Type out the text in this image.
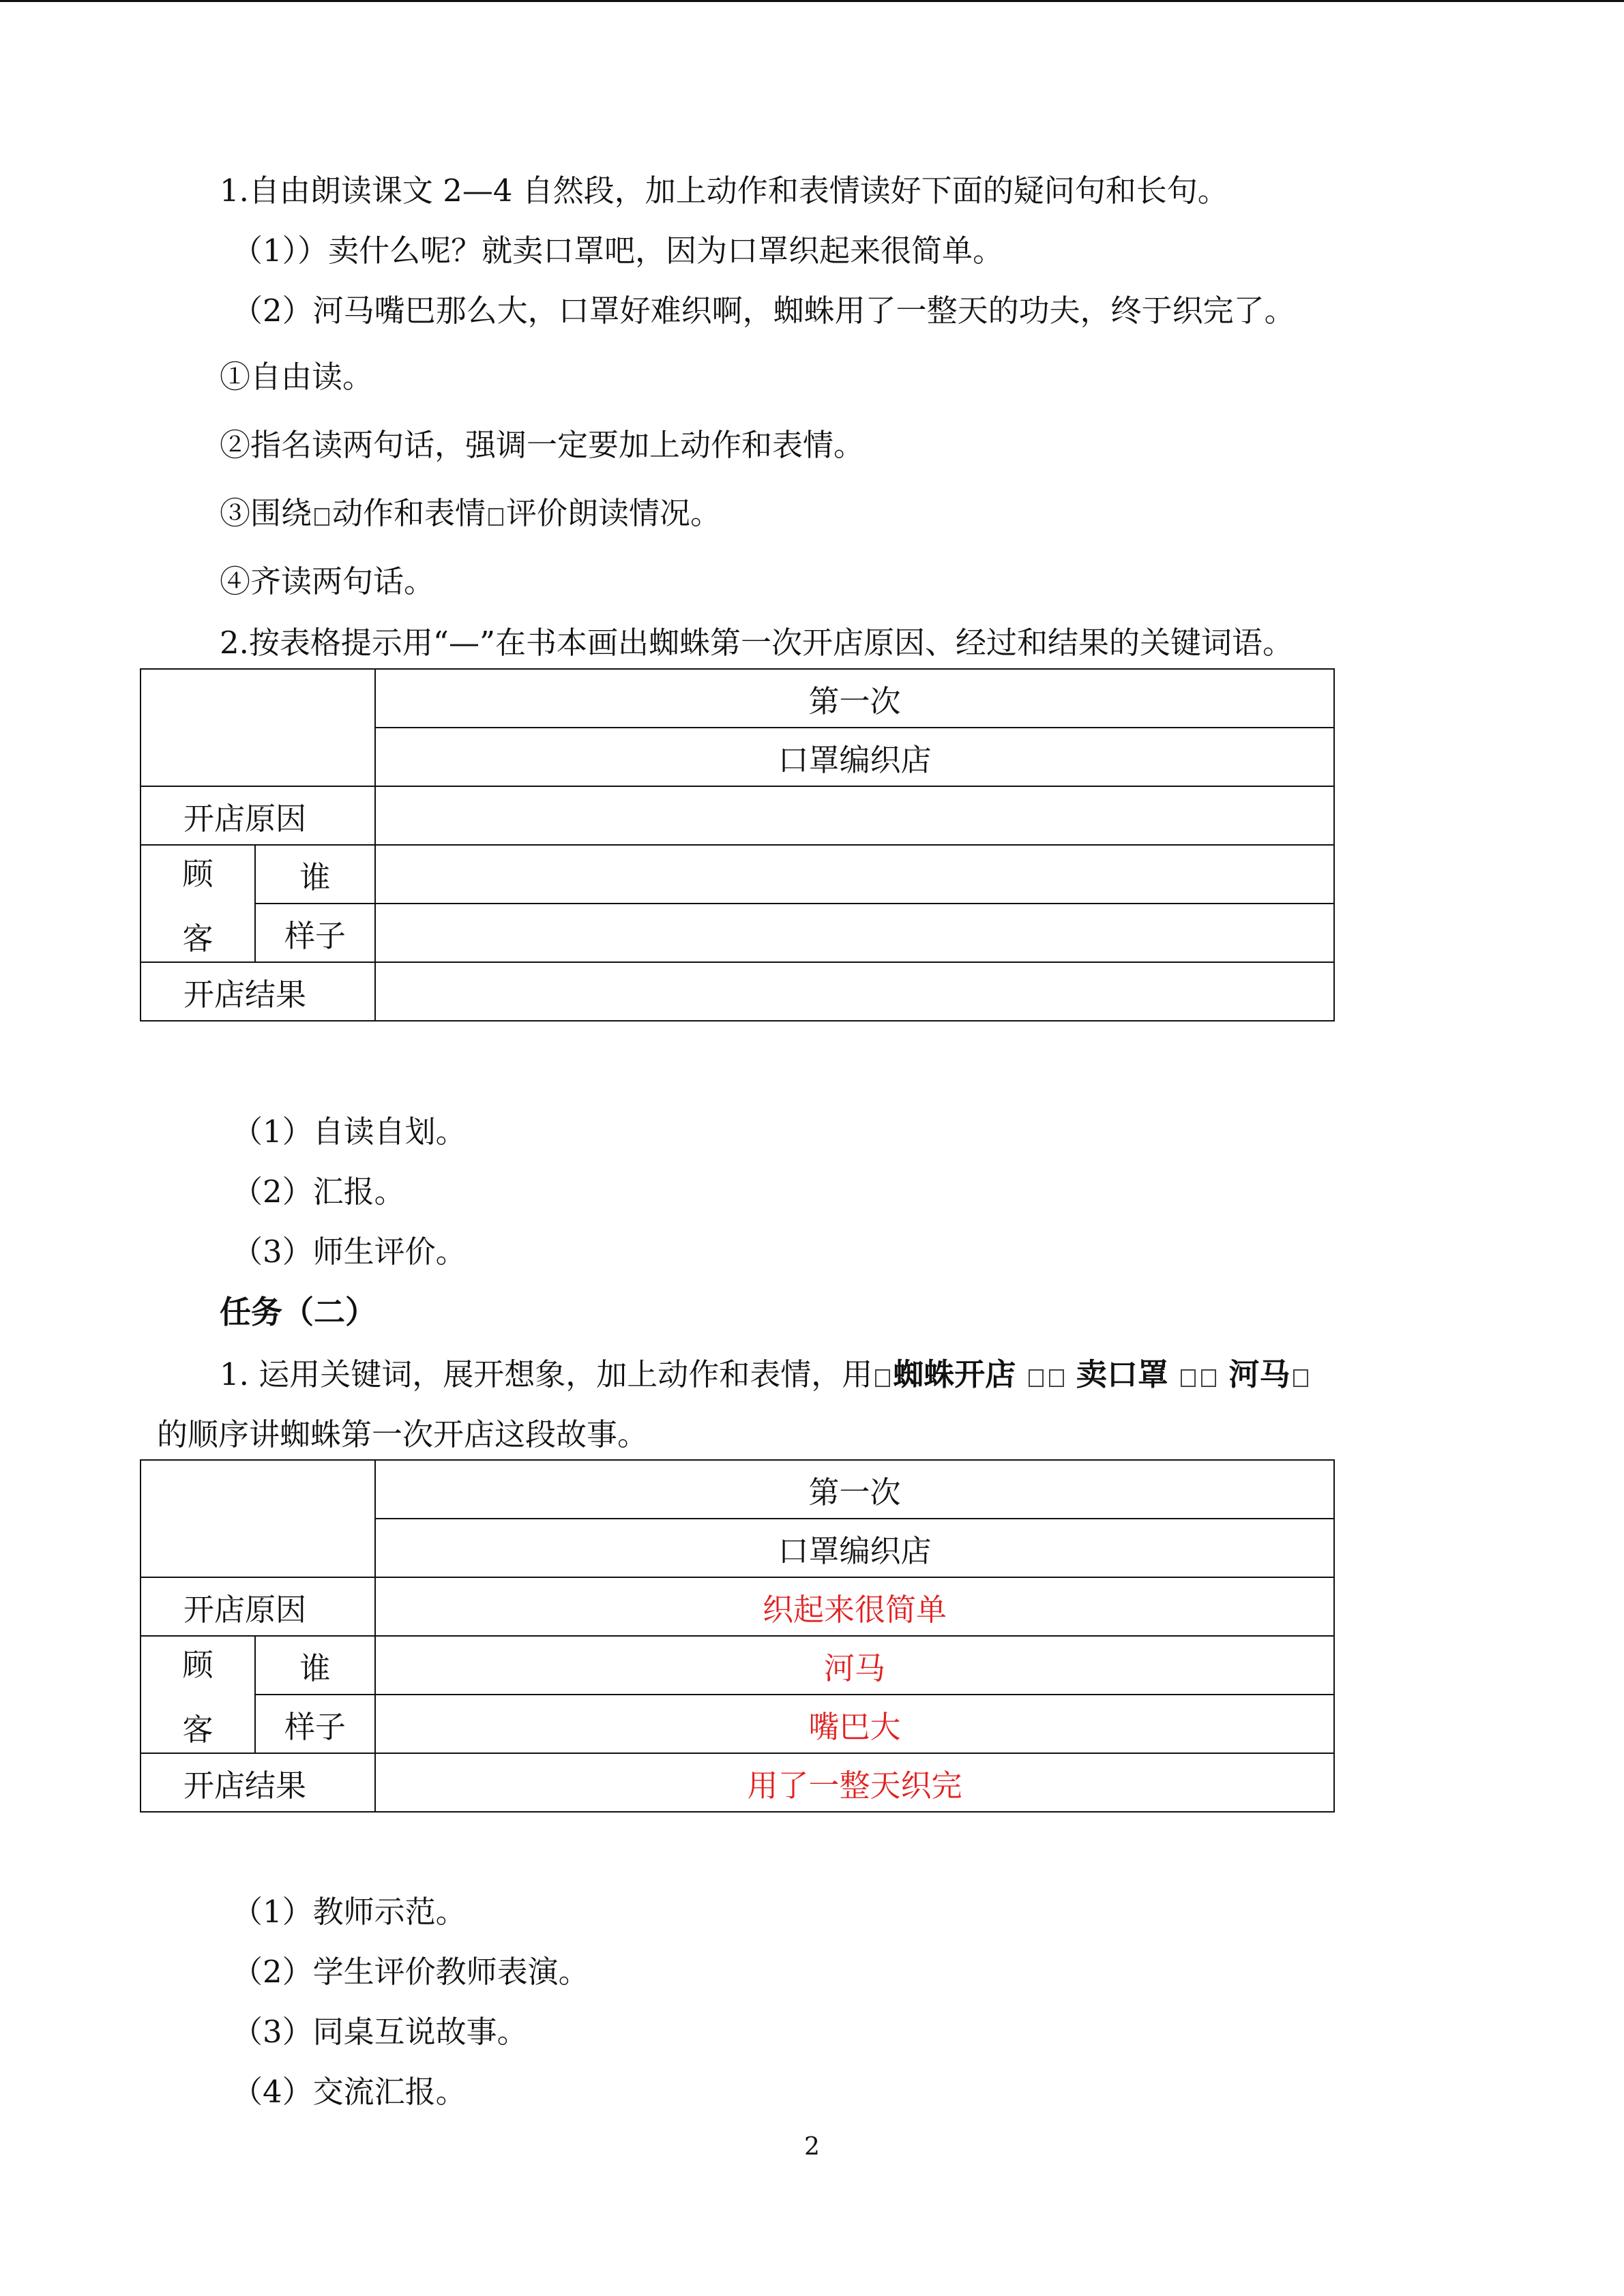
1.自由朗读课文 2—4 自然段，加上动作和表情读好下面的疑问句和长句。
（1））卖什么呢？就卖口罩吧，因为口罩织起来很简单。
（2）河马嘴巴那么大，口罩好难织啊，蜘蛛用了一整天的功夫，终于织完了。
①自由读。
②指名读两句话，强调一定要加上动作和表情。
③围绕 动作和表情 评价朗读情况。
④齐读两句话。
2.按表格提示用“—”在书本画出蜘蛛第一次开店原因、经过和结果的关键词语。
		第一次
		口罩编织店
开店原因		

顾
客	谁	
	样子	
开店结果		
（1）自读自划。
（2）汇报。
（3）师生评价。
任务（二）
1. 运用关键词，展开想象，加上动作和表情，用 蜘蛛开店 卖口罩 河马
的顺序讲蜘蛛第一次开店这段故事。
		第一次
		口罩编织店
开店原因		织起来很简单

顾
客	谁	河马
	样子	嘴巴大
开店结果		用了一整天织完
（1）教师示范。
（2）学生评价教师表演。
（3）同桌互说故事。
（4）交流汇报。
2
